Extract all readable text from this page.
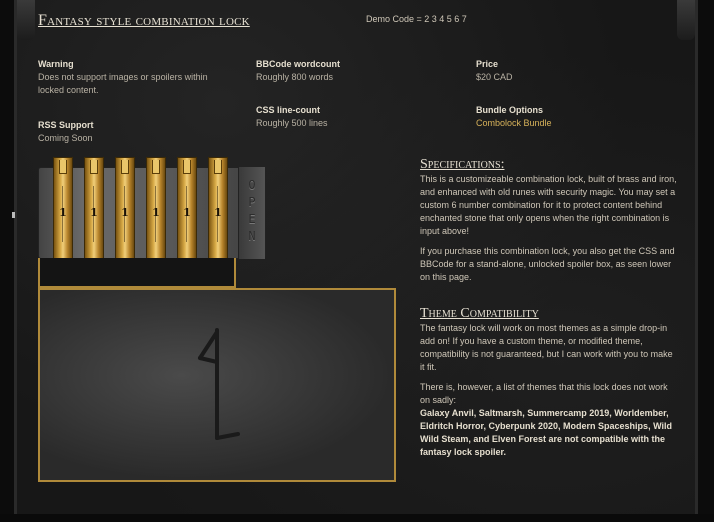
Fantasy style combination lock	Demo Code = 2 3 4 5 6 7
Warning
Does not support images or spoilers within locked content.
RSS Support
Coming Soon
BBCode wordcount
Roughly 800 words
CSS line-count
Roughly 500 lines
Price
$20 CAD
Bundle Options
Combolock Bundle
1	1	1	1	1	1
O
P
E
N
Specifications:

This is a customizeable combination lock, built of brass and iron, and enhanced with old runes with security magic. You may set a custom 6 number combination for it to protect content behind enchanted stone that only opens when the right combination is input above!

If you purchase this combination lock, you also get the CSS and BBCode for a stand-alone, unlocked spoiler box, as seen lower on this page.

Theme Compatibility

The fantasy lock will work on most themes as a simple drop-in add on! If you have a custom theme, or modified theme, compatibility is not guaranteed, but I can work with you to make it fit.

There is, however, a list of themes that this lock does not work on sadly:

Galaxy Anvil, Saltmarsh, Summercamp 2019, Worldember, Eldritch Horror, Cyberpunk 2020, Modern Spaceships, Wild Wild Steam, and Elven Forest are not compatible with the fantasy lock spoiler.
